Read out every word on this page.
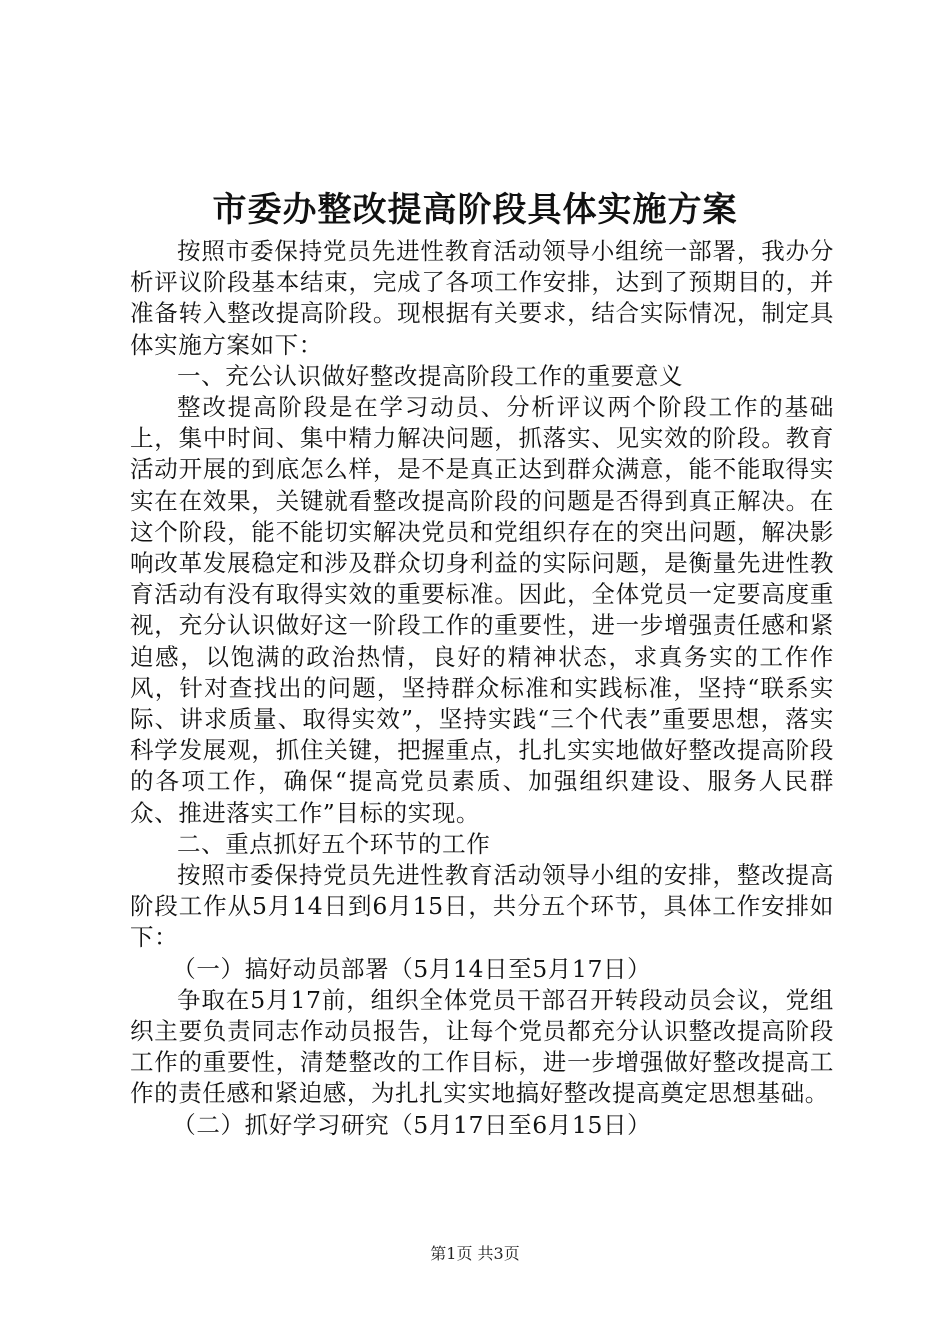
市委办整改提高阶段具体实施方案

按照市委保持党员先进性教育活动领导小组统一部署，我办分析评议阶段基本结束，完成了各项工作安排，达到了预期目的，并准备转入整改提高阶段。现根据有关要求，结合实际情况，制定具体实施方案如下：

一、充公认识做好整改提高阶段工作的重要意义

整改提高阶段是在学习动员、分析评议两个阶段工作的基础上，集中时间、集中精力解决问题，抓落实、见实效的阶段。教育活动开展的到底怎么样，是不是真正达到群众满意，能不能取得实实在在效果，关键就看整改提高阶段的问题是否得到真正解决。在这个阶段，能不能切实解决党员和党组织存在的突出问题，解决影响改革发展稳定和涉及群众切身利益的实际问题，是衡量先进性教育活动有没有取得实效的重要标准。因此，全体党员一定要高度重视，充分认识做好这一阶段工作的重要性，进一步增强责任感和紧迫感，以饱满的政治热情，良好的精神状态，求真务实的工作作风，针对查找出的问题，坚持群众标准和实践标准，坚持“联系实际、讲求质量、取得实效”，坚持实践“三个代表”重要思想，落实科学发展观，抓住关键，把握重点，扎扎实实地做好整改提高阶段的各项工作，确保“提高党员素质、加强组织建设、服务人民群众、推进落实工作”目标的实现。

二、重点抓好五个环节的工作

按照市委保持党员先进性教育活动领导小组的安排，整改提高阶段工作从5月14日到6月15日，共分五个环节，具体工作安排如下：

（一）搞好动员部署（5月14日至5月17日）

争取在5月17前，组织全体党员干部召开转段动员会议，党组织主要负责同志作动员报告，让每个党员都充分认识整改提高阶段工作的重要性，清楚整改的工作目标，进一步增强做好整改提高工作的责任感和紧迫感，为扎扎实实地搞好整改提高奠定思想基础。

（二）抓好学习研究（5月17日至6月15日）

第1页 共3页
